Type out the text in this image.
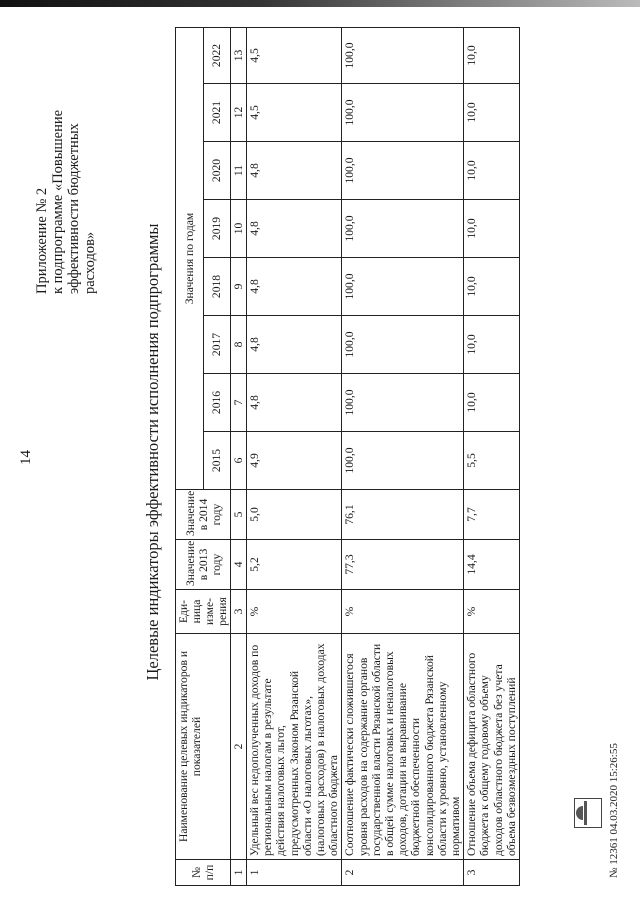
14
Приложение № 2 к подпрограмме «Повышение эффективности бюджетных расходов»	Целевые индикаторы эффективности исполнения подпрограммы
№ п/п	Наименование целевых индикаторов и показателей	Еди-ница изме-рения	Значение в 2013 году	Значение в 2014 году	Значения по годам							
					2015	2016	2017	2018	2019	2020	2021	2022
1	2	3	4	5	6	7	8	9	10	11	12	13
1	Удельный вес недополученных доходов по региональным налогам в результате действия налоговых льгот, предусмотренных Законом Рязанской области «О налоговых льготах», (налоговых расходов) в налоговых доходах областного бюджета	%	5,2	5,0	4,9	4,8	4,8	4,8	4,8	4,8	4,5	4,5
2	Соотношение фактически сложившегося уровня расходов на содержание органов государственной власти Рязанской области в общей сумме налоговых и неналоговых доходов, дотации на выравнивание бюджетной обеспеченности консолидированного бюджета Рязанской области к уровню, установленному нормативом	%	77,3	76,1	100,0	100,0	100,0	100,0	100,0	100,0	100,0	100,0
3	Отношение объема дефицита областного бюджета к общему годовому объему доходов областного бюджета без учета объема безвозмездных поступлений	%	14,4	7,7	5,5	10,0	10,0	10,0	10,0	10,0	10,0	10,0
№ 12361 04.03.2020 15:26:55
